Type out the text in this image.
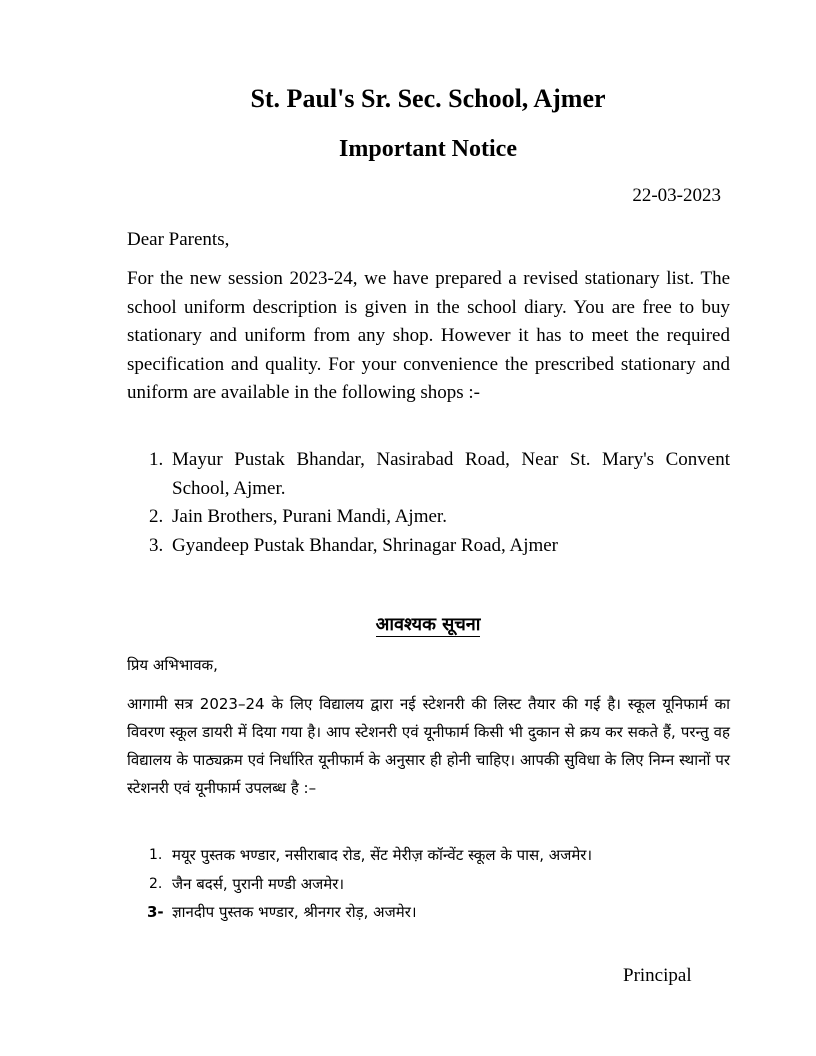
St. Paul's Sr. Sec. School, Ajmer
Important Notice
22-03-2023
Dear Parents,
For the new session 2023-24, we have prepared a revised stationary list. The school uniform description is given in the school diary. You are free to buy stationary and uniform from any shop. However it has to meet the required specification and quality. For your convenience the prescribed stationary and uniform are available in the following shops :-
1. Mayur Pustak Bhandar, Nasirabad Road, Near St. Mary's Convent School, Ajmer.
2. Jain Brothers, Purani Mandi, Ajmer.
3. Gyandeep Pustak Bhandar, Shrinagar Road, Ajmer
आवश्यक सूचना
प्रिय अभिभावक,
आगामी सत्र 2023–24 के लिए विद्यालय द्वारा नई स्टेशनरी की लिस्ट तैयार की गई है। स्कूल यूनिफार्म का विवरण स्कूल डायरी में दिया गया है। आप स्टेशनरी एवं यूनीफार्म किसी भी दुकान से क्रय कर सकते हैं, परन्तु वह विद्यालय के पाठ्यक्रम एवं निर्धारित यूनीफार्म के अनुसार ही होनी चाहिए। आपकी सुविधा के लिए निम्न स्थानों पर स्टेशनरी एवं यूनीफार्म उपलब्ध है :–
1. मयूर पुस्तक भण्डार, नसीराबाद रोड, सेंट मेरीज़ कॉन्वेंट स्कूल के पास, अजमेर।
2. जैन बदर्स, पुरानी मण्डी अजमेर।
3- ज्ञानदीप पुस्तक भण्डार, श्रीनगर रोड़, अजमेर।
Principal
